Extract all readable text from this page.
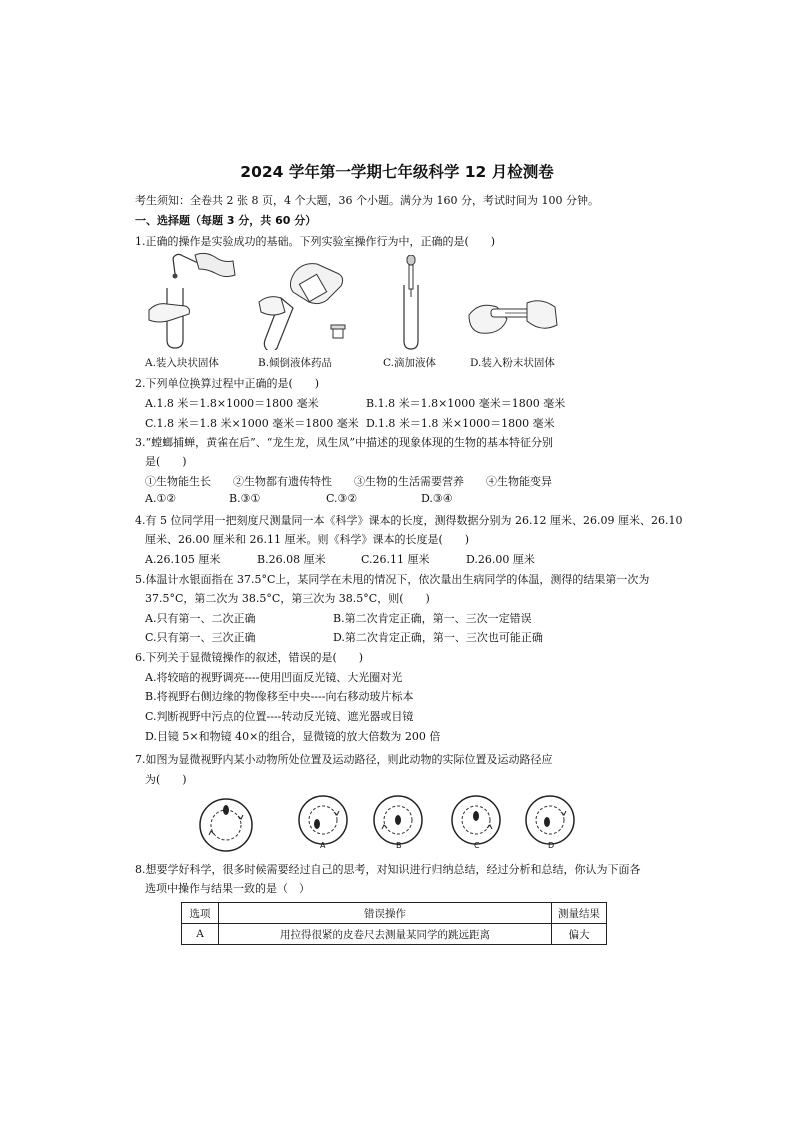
2024 学年第一学期七年级科学 12 月检测卷
考生须知：全卷共 2 张 8 页，4 个大题，36 个小题。满分为 160 分，考试时间为 100 分钟。
一、选择题（每题 3 分，共 60 分）
1.正确的操作是实验成功的基础。下列实验室操作行为中，正确的是(　　)
A.装入块状固体	B.倾倒液体药品	C.滴加液体	D.装入粉末状固体
2.下列单位换算过程中正确的是(　　)
A.1.8 米＝1.8×1000＝1800 毫米	B.1.8 米＝1.8×1000 毫米＝1800 毫米
C.1.8 米＝1.8 米×1000 毫米＝1800 毫米 D.1.8 米＝1.8 米×1000＝1800 毫米
3.“螳螂捕蝉，黄雀在后”、“龙生龙，凤生凤”中描述的现象体现的生物的基本特征分别
是(　　)
①生物能生长　　②生物都有遗传特性　　③生物的生活需要营养　　④生物能变异
A.①②	B.③①	C.③②	D.③④
4.有 5 位同学用一把刻度尺测量同一本《科学》课本的长度，测得数据分别为 26.12 厘米、26.09 厘米、26.10
厘米、26.00 厘米和 26.11 厘米。则《科学》课本的长度是(　　)
A.26.105 厘米	B.26.08 厘米	C.26.11 厘米	D.26.00 厘米
5.体温计水银面指在 37.5°C上，某同学在未甩的情况下，依次量出生病同学的体温，测得的结果第一次为
37.5°C，第二次为 38.5°C，第三次为 38.5°C，则(　　)
A.只有第一、二次正确	B.第二次肯定正确，第一、三次一定错误
C.只有第一、三次正确	D.第二次肯定正确，第一、三次也可能正确
6.下列关于显微镜操作的叙述，错误的是(　　)
A.将较暗的视野调亮----使用凹面反光镜、大光圈对光
B.将视野右侧边缘的物像移至中央----向右移动玻片标本
C.判断视野中污点的位置----转动反光镜、遮光器或目镜
D.目镜 5×和物镜 40×的组合，显微镜的放大倍数为 200 倍
7.如图为显微视野内某小动物所处位置及运动路径，则此动物的实际位置及运动路径应
为(　　)
A	B	C	D
8.想要学好科学，很多时候需要经过自己的思考，对知识进行归纳总结，经过分析和总结，你认为下面各
选项中操作与结果一致的是（　）
选项	错误操作	测量结果
A	用拉得很紧的皮卷尺去测量某同学的跳远距离	偏大
